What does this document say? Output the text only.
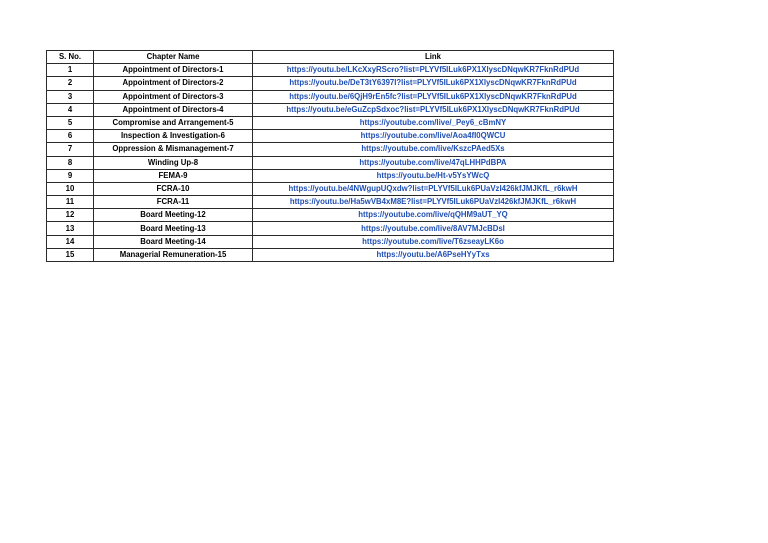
S. No.	Chapter Name	Link
1	Appointment of Directors-1	https://youtu.be/LKcXxyRScro?list=PLYVf5ILuk6PX1XlyscDNqwKR7FknRdPUd
2	Appointment of Directors-2	https://youtu.be/DeT3tY6397I?list=PLYVf5ILuk6PX1XlyscDNqwKR7FknRdPUd
3	Appointment of Directors-3	https://youtu.be/6QjH9rEn5fc?list=PLYVf5ILuk6PX1XlyscDNqwKR7FknRdPUd
4	Appointment of Directors-4	https://youtu.be/eGuZcpSdxoc?list=PLYVf5ILuk6PX1XlyscDNqwKR7FknRdPUd
5	Compromise and Arrangement-5	https://youtube.com/live/_Pey6_cBmNY
6	Inspection & Investigation-6	https://youtube.com/live/Aoa4fI0QWCU
7	Oppression & Mismanagement-7	https://youtube.com/live/KszcPAed5Xs
8	Winding Up-8	https://youtube.com/live/47qLHHPdBPA
9	FEMA-9	https://youtu.be/Ht-v5YsYWcQ
10	FCRA-10	https://youtu.be/4NWgupUQxdw?list=PLYVf5ILuk6PUaVzI426kfJMJKfL_r6kwH
11	FCRA-11	https://youtu.be/Ha5wVB4xM8E?list=PLYVf5ILuk6PUaVzI426kfJMJKfL_r6kwH
12	Board Meeting-12	https://youtube.com/live/qQHM9aUT_YQ
13	Board Meeting-13	https://youtube.com/live/8AV7MJcBDsI
14	Board Meeting-14	https://youtube.com/live/T6zseayLK6o
15	Managerial Remuneration-15	https://youtu.be/A6PseHYyTxs
